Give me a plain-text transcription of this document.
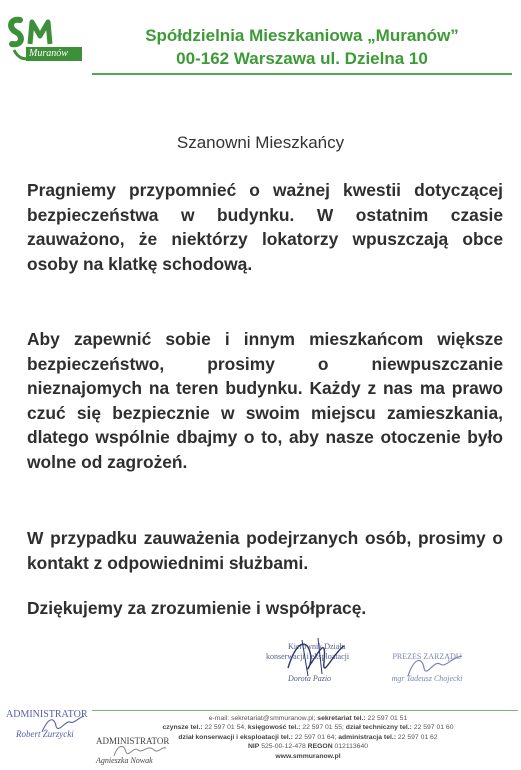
Muranów
Spółdzielnia Mieszkaniowa „Muranów”
00-162 Warszawa ul. Dzielna 10
Szanowni Mieszkańcy
Pragniemy przypomnieć o ważnej kwestii dotyczącej bezpieczeństwa w budynku. W ostatnim czasie zauważono, że niektórzy lokatorzy wpuszczają obce osoby na klatkę schodową.
Aby zapewnić sobie i innym mieszkańcom większe bezpieczeństwo, prosimy o niewpuszczanie nieznajomych na teren budynku. Każdy z nas ma prawo czuć się bezpiecznie w swoim miejscu zamieszkania, dlatego wspólnie dbajmy o to, aby nasze otoczenie było wolne od zagrożeń.
W przypadku zauważenia podejrzanych osób, prosimy o kontakt z odpowiednimi służbami.
Dziękujemy za zrozumienie i współpracę.
Kierownik Działu
konserwacji i eksploatacji
Dorota Pazio
PREZES ZARZĄDU
mgr Tadeusz Chojecki
ADMINISTRATOR
Robert Żurzycki
ADMINISTRATOR
Agnieszka Nowak
e-mail: sekretariat@smmuranow.pl; sekretariat tel.: 22 597 01 51
czynsze tel.: 22 597 01 54, księgowość tel.: 22 597 01 55; dział techniczny tel.: 22 597 01 60
dział konserwacji i eksploatacji tel.: 22 597 01 64; administracja tel.: 22 597 01 62
NIP 525-00-12-478 REGON 012113640
www.smmuranow.pl
